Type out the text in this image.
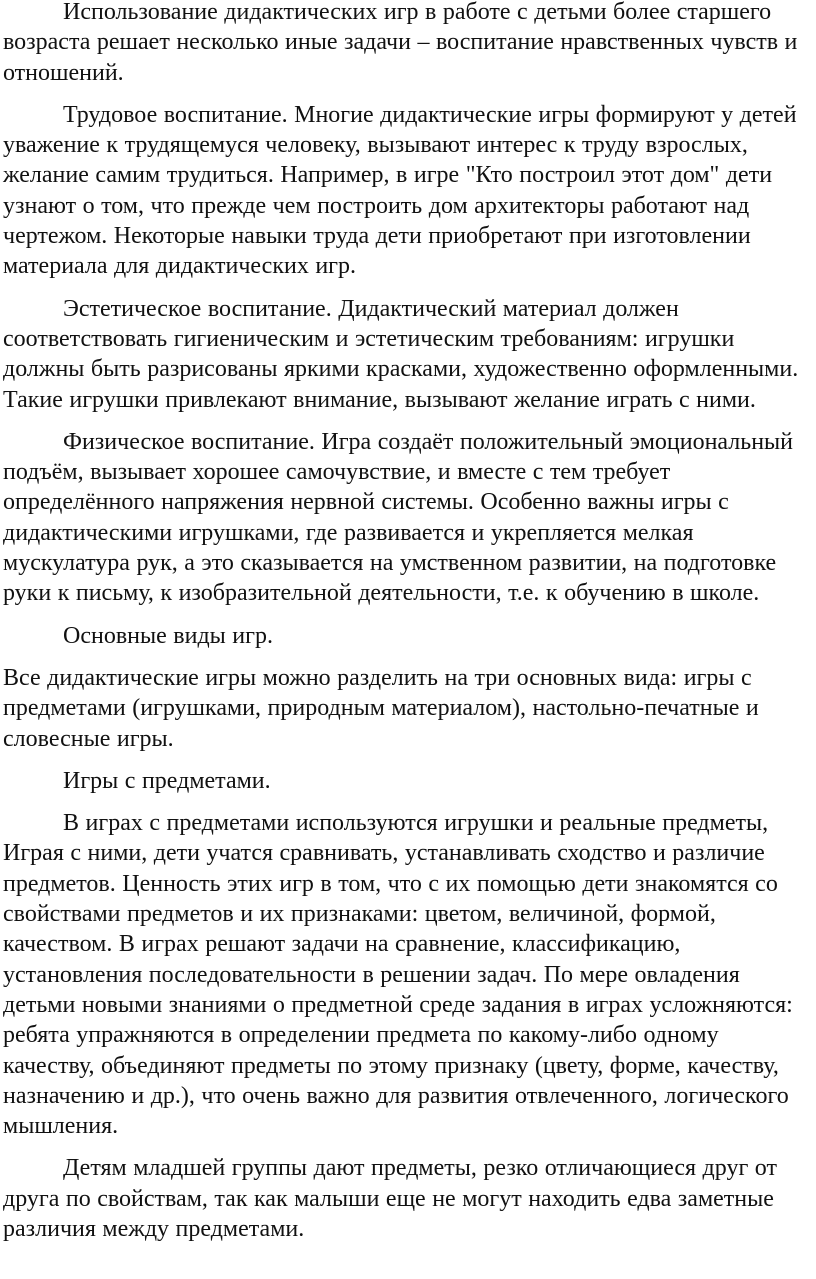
Использование дидактических игр в работе с детьми более старшего возраста решает несколько иные задачи – воспитание нравственных чувств и отношений.

Трудовое воспитание. Многие дидактические игры формируют у детей уважение к трудящемуся человеку, вызывают интерес к труду взрослых, желание самим трудиться. Например, в игре "Кто построил этот дом" дети узнают о том, что прежде чем построить дом архитекторы работают над чертежом. Некоторые навыки труда дети приобретают при изготовлении материала для дидактических игр.

Эстетическое воспитание. Дидактический материал должен соответствовать гигиеническим и эстетическим требованиям: игрушки должны быть разрисованы яркими красками, художественно оформленными. Такие игрушки привлекают внимание, вызывают желание играть с ними.

Физическое воспитание. Игра создаёт положительный эмоциональный подъём, вызывает хорошее самочувствие, и вместе с тем требует определённого напряжения нервной системы. Особенно важны игры с дидактическими игрушками, где развивается и укрепляется мелкая мускулатура рук, а это сказывается на умственном развитии, на подготовке руки к письму, к изобразительной деятельности, т.е. к обучению в школе.

Основные виды игр.

Все дидактические игры можно разделить на три основных вида: игры с предметами (игрушками, природным материалом), настольно-печатные и словесные игры.

Игры с предметами.

В играх с предметами используются игрушки и реальные предметы, Играя с ними, дети учатся сравнивать, устанавливать сходство и различие предметов. Ценность этих игр в том, что с их помощью дети знакомятся со свойствами предметов и их признаками: цветом, величиной, формой, качеством. В играх решают задачи на сравнение, классификацию, установления последовательности в решении задач. По мере овладения детьми новыми знаниями о предметной среде задания в играх усложняются: ребята упражняются в определении предмета по какому-либо одному качеству, объединяют предметы по этому признаку (цвету, форме, качеству, назначению и др.), что очень важно для развития отвлеченного, логического мышления.

Детям младшей группы дают предметы, резко отличающиеся друг от друга по свойствам, так как малыши еще не могут находить едва заметные различия между предметами.
